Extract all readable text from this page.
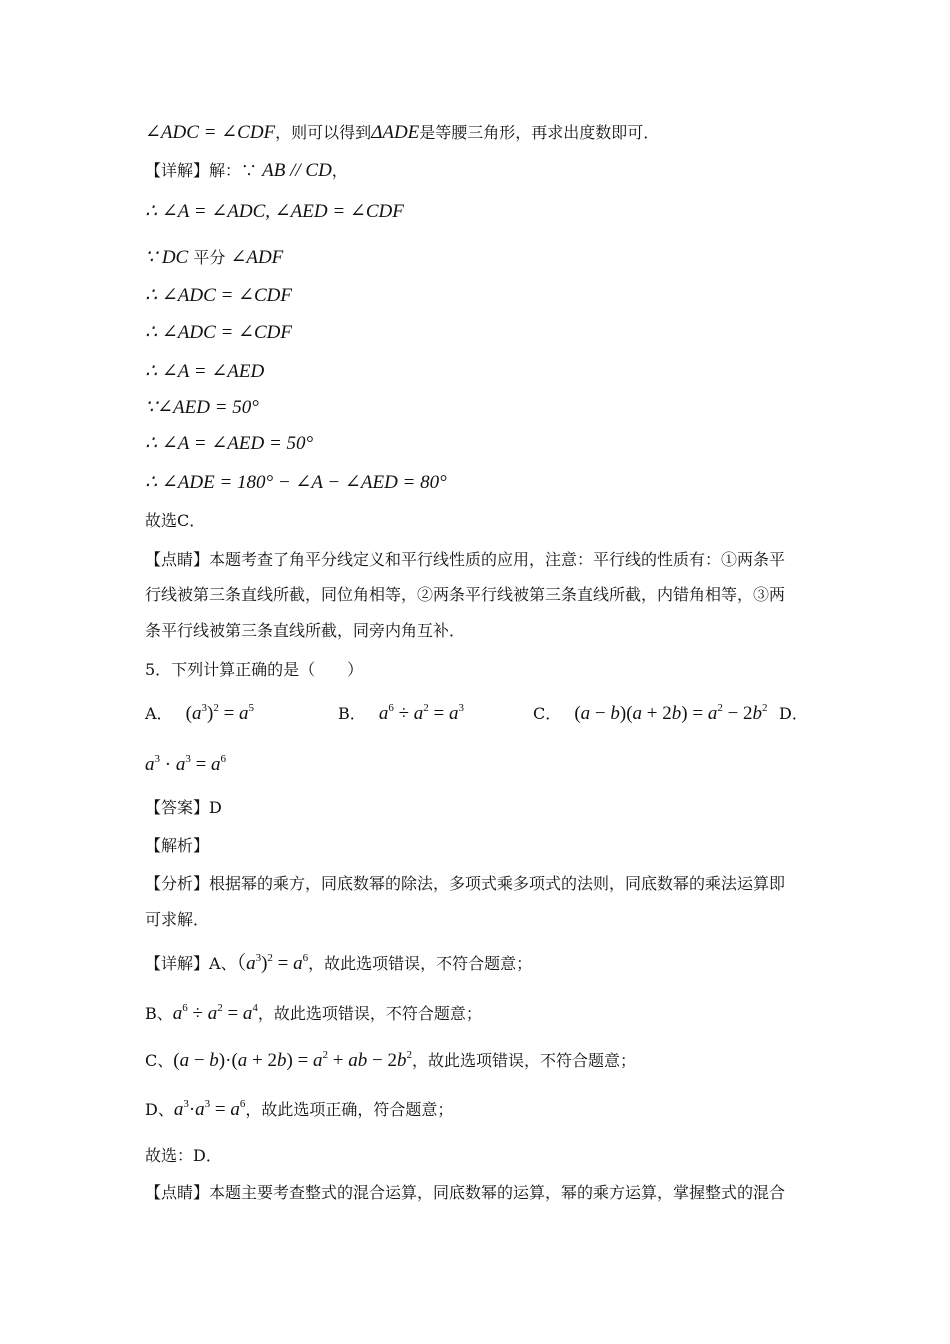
∠ADC = ∠CDF，则可以得到ΔADE是等腰三角形，再求出度数即可．
【详解】解：∵ AB // CD，
∴ ∠A = ∠ADC, ∠AED = ∠CDF
∵ DC 平分 ∠ADF
∴ ∠ADC = ∠CDF
∴ ∠ADC = ∠CDF
∴ ∠A = ∠AED
∵∠AED = 50°
∴ ∠A = ∠AED = 50°
∴ ∠ADE = 180° − ∠A − ∠AED = 80°
故选C．
【点睛】本题考查了角平分线定义和平行线性质的应用，注意：平行线的性质有：①两条平
行线被第三条直线所截，同位角相等，②两条平行线被第三条直线所截，内错角相等，③两
条平行线被第三条直线所截，同旁内角互补．
5．下列计算正确的是（　　）
A． $(a^3)^2 = a^5$	B． $a^6 \div a^2 = a^3$	C． $(a - b)(a + 2b) = a^2 - 2b^2$ D．
$a^3 \cdot a^3 = a^6$
【答案】D
【解析】
【分析】根据幂的乘方，同底数幂的除法，多项式乘多项式的法则，同底数幂的乘法运算即
可求解．
【详解】A、$(a^3)^2 = a^6$，故此选项错误，不符合题意；
B、$a^6 \div a^2 = a^4$，故此选项错误，不符合题意；
C、$(a - b)\cdot(a + 2b) = a^2$ + ab − $2b^2$，故此选项错误，不符合题意；
D、$a^3\cdot a^3 = a^6$，故此选项正确，符合题意；
故选：D．
【点睛】本题主要考查整式的混合运算，同底数幂的运算，幂的乘方运算，掌握整式的混合
